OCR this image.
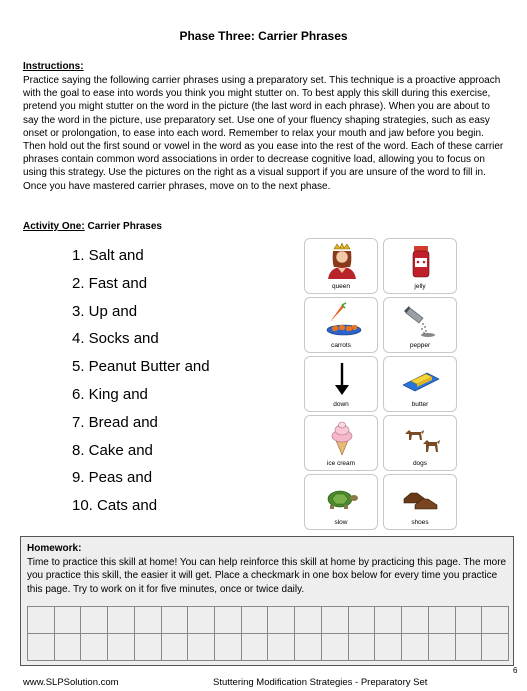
Phase Three: Carrier Phrases
Instructions:
Practice saying the following carrier phrases using a preparatory set. This technique is a proactive approach with the goal to ease into words you think you might stutter on. To best apply this skill during this exercise, pretend you might stutter on the word in the picture (the last word in each phrase). When you are about to say the word in the picture, use preparatory set. Use one of your fluency shaping strategies, such as easy onset or prolongation, to ease into each word. Remember to relax your mouth and jaw before you begin. Then hold out the first sound or vowel in the word as you ease into the rest of the word. Each of these carrier phrases contain common word associations in order to decrease cognitive load, allowing you to focus on using this strategy. Use the pictures on the right as a visual support if you are unsure of the word to fill in. Once you have mastered carrier phrases, move on to the next phase.
Activity One: Carrier Phrases
1. Salt and
2. Fast and
3. Up and
4. Socks and
5. Peanut Butter and
6. King and
7. Bread and
8. Cake and
9. Peas and
10. Cats and
queen	jelly
carrots	pepper
down	butter
ice cream	dogs
slow	shoes
Homework:
Time to practice this skill at home! You can help reinforce this skill at home by practicing this page. The more you practice this skill, the easier it will get. Place a checkmark in one box below for every time you practice this page. Try to work on it for five minutes, once or twice daily.
www.SLPSolution.com	Stuttering Modification Strategies - Preparatory Set
6
